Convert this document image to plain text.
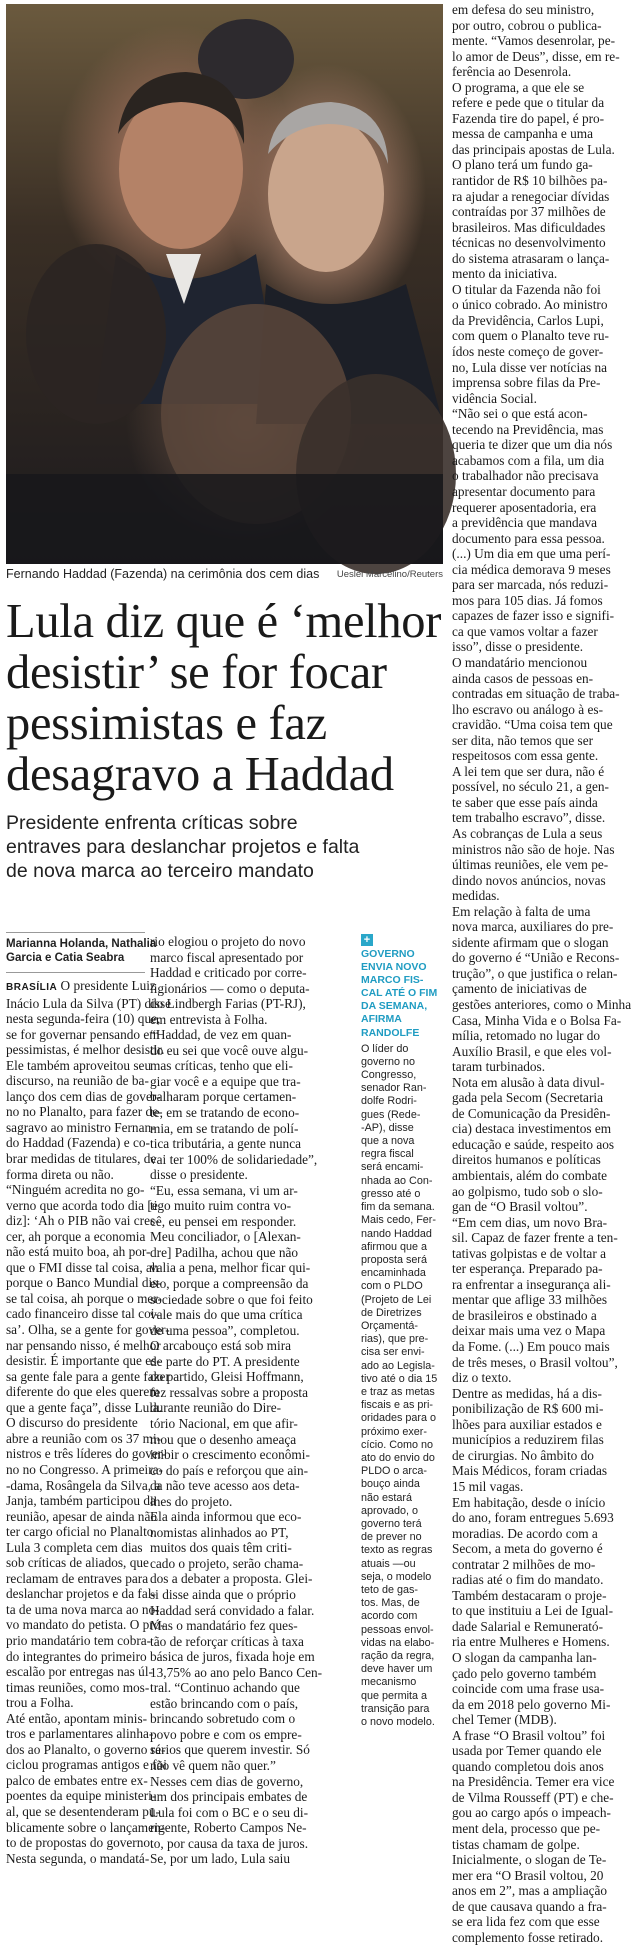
Fernando Haddad (Fazenda) na cerimônia dos cem dias Ueslei Marcelino/Reuters
Lula diz que é ‘melhor
desistir’ se for focar
pessimistas e faz
desagravo a Haddad
Presidente enfrenta críticas sobre
entraves para deslanchar projetos e falta
de nova marca ao terceiro mandato
Marianna Holanda, Nathalia
Garcia e Catia Seabra
BRASÍLIA O presidente Luiz
Inácio Lula da Silva (PT) disse
nesta segunda-feira (10) que,
se for governar pensando em
pessimistas, é melhor desistir.
Ele também aproveitou seu
discurso, na reunião de ba-
lanço dos cem dias de gover-
no no Planalto, para fazer de-
sagravo ao ministro Fernan-
do Haddad (Fazenda) e co-
brar medidas de titulares, de
forma direta ou não.
“Ninguém acredita no go-
verno que acorda todo dia [e
diz]: ‘Ah o PIB não vai cres-
cer, ah porque a economia
não está muito boa, ah por-
que o FMI disse tal coisa, ah
porque o Banco Mundial dis-
se tal coisa, ah porque o mer-
cado financeiro disse tal coi-
sa’. Olha, se a gente for gover-
nar pensando nisso, é melhor
desistir. É importante que es-
sa gente fale para a gente fazer
diferente do que eles querem
que a gente faça”, disse Lula.
O discurso do presidente
abre a reunião com os 37 mi-
nistros e três líderes do gover-
no no Congresso. A primeira-
-dama, Rosângela da Silva, a
Janja, também participou da
reunião, apesar de ainda não
ter cargo oficial no Planalto.
Lula 3 completa cem dias
sob críticas de aliados, que
reclamam de entraves para
deslanchar projetos e da fal-
ta de uma nova marca ao no-
vo mandato do petista. O pró-
prio mandatário tem cobra-
do integrantes do primeiro
escalão por entregas nas úl-
timas reuniões, como mos-
trou a Folha.
Até então, apontam minis-
tros e parlamentares alinha-
dos ao Planalto, o governo re-
ciclou programas antigos e foi
palco de embates entre ex-
poentes da equipe ministeri-
al, que se desentenderam pu-
blicamente sobre o lançamen-
to de propostas do governo.
Nesta segunda, o mandatá-
rio elogiou o projeto do novo
marco fiscal apresentado por
Haddad e criticado por corre-
ligionários — como o deputa-
do Lindbergh Farias (PT-RJ),
em entrevista à Folha.
“Haddad, de vez em quan-
do eu sei que você ouve algu-
mas críticas, tenho que eli-
giar você e a equipe que tra-
balharam porque certamen-
te, em se tratando de econo-
mia, em se tratando de polí-
tica tributária, a gente nunca
vai ter 100% de solidariedade”,
disse o presidente.
“Eu, essa semana, vi um ar-
tigo muito ruim contra vo-
cê, eu pensei em responder.
Meu conciliador, o [Alexan-
dre] Padilha, achou que não
valia a pena, melhor ficar qui-
eto, porque a compreensão da
sociedade sobre o que foi feito
vale mais do que uma crítica
de uma pessoa”, completou.
O arcabouço está sob mira
de parte do PT. A presidente
do partido, Gleisi Hoffmann,
fez ressalvas sobre a proposta
durante reunião do Dire-
tório Nacional, em que afir-
mou que o desenho ameaça
inibir o crescimento econômi-
co do país e reforçou que ain-
da não teve acesso aos deta-
lhes do projeto.
Ela ainda informou que eco-
nomistas alinhados ao PT,
muitos dos quais têm criti-
cado o projeto, serão chama-
dos a debater a proposta. Glei-
si disse ainda que o próprio
Haddad será convidado a falar.
Mas o mandatário fez ques-
tão de reforçar críticas à taxa
básica de juros, fixada hoje em
13,75% ao ano pelo Banco Cen-
tral. “Continuo achando que
estão brincando com o país,
brincando sobretudo com o
povo pobre e com os empre-
sários que querem investir. Só
não vê quem não quer.”
Nesses cem dias de governo,
um dos principais embates de
Lula foi com o BC e o seu di-
rigente, Roberto Campos Ne-
to, por causa da taxa de juros.
Se, por um lado, Lula saiu
+
GOVERNO
ENVIA NOVO
MARCO FIS-
CAL ATÉ O FIM
DA SEMANA,
AFIRMA
RANDOLFE
O líder do
governo no
Congresso,
senador Ran-
dolfe Rodri-
gues (Rede-
-AP), disse
que a nova
regra fiscal
será encami-
nhada ao Con-
gresso até o
fim da semana.
Mais cedo, Fer-
nando Haddad
afirmou que a
proposta será
encaminhada
com o PLDO
(Projeto de Lei
de Diretrizes
Orçamentá-
rias), que pre-
cisa ser envi-
ado ao Legisla-
tivo até o dia 15
e traz as metas
fiscais e as pri-
oridades para o
próximo exer-
cício. Como no
ato do envio do
PLDO o arca-
bouço ainda
não estará
aprovado, o
governo terá
de prever no
texto as regras
atuais —ou
seja, o modelo
teto de gas-
tos. Mas, de
acordo com
pessoas envol-
vidas na elabo-
ração da regra,
deve haver um
mecanismo
que permita a
transição para
o novo modelo.
em defesa do seu ministro,
por outro, cobrou o publica-
mente. “Vamos desenrolar, pe-
lo amor de Deus”, disse, em re-
ferência ao Desenrola.
O programa, a que ele se
refere e pede que o titular da
Fazenda tire do papel, é pro-
messa de campanha e uma
das principais apostas de Lula.
O plano terá um fundo ga-
rantidor de R$ 10 bilhões pa-
ra ajudar a renegociar dívidas
contraídas por 37 milhões de
brasileiros. Mas dificuldades
técnicas no desenvolvimento
do sistema atrasaram o lança-
mento da iniciativa.
O titular da Fazenda não foi
o único cobrado. Ao ministro
da Previdência, Carlos Lupi,
com quem o Planalto teve ru-
ídos neste começo de gover-
no, Lula disse ver notícias na
imprensa sobre filas da Pre-
vidência Social.
“Não sei o que está acon-
tecendo na Previdência, mas
queria te dizer que um dia nós
acabamos com a fila, um dia
o trabalhador não precisava
apresentar documento para
requerer aposentadoria, era
a previdência que mandava
documento para essa pessoa.
(...) Um dia em que uma perí-
cia médica demorava 9 meses
para ser marcada, nós reduzi-
mos para 105 dias. Já fomos
capazes de fazer isso e signifi-
ca que vamos voltar a fazer
isso”, disse o presidente.
O mandatário mencionou
ainda casos de pessoas en-
contradas em situação de traba-
lho escravo ou análogo à es-
cravidão. “Uma coisa tem que
ser dita, não temos que ser
respeitosos com essa gente.
A lei tem que ser dura, não é
possível, no século 21, a gen-
te saber que esse país ainda
tem trabalho escravo”, disse.
As cobranças de Lula a seus
ministros não são de hoje. Nas
últimas reuniões, ele vem pe-
dindo novos anúncios, novas
medidas.
Em relação à falta de uma
nova marca, auxiliares do pre-
sidente afirmam que o slogan
do governo é “União e Recons-
trução”, o que justifica o relan-
çamento de iniciativas de
gestões anteriores, como o Minha
Casa, Minha Vida e o Bolsa Fa-
mília, retomado no lugar do
Auxílio Brasil, e que eles vol-
taram turbinados.
Nota em alusão à data divul-
gada pela Secom (Secretaria
de Comunicação da Presidên-
cia) destaca investimentos em
educação e saúde, respeito aos
direitos humanos e políticas
ambientais, além do combate
ao golpismo, tudo sob o slo-
gan de “O Brasil voltou”.
“Em cem dias, um novo Bra-
sil. Capaz de fazer frente a ten-
tativas golpistas e de voltar a
ter esperança. Preparado pa-
ra enfrentar a insegurança ali-
mentar que aflige 33 milhões
de brasileiros e obstinado a
deixar mais uma vez o Mapa
da Fome. (...) Em pouco mais
de três meses, o Brasil voltou”,
diz o texto.
Dentre as medidas, há a dis-
ponibilização de R$ 600 mi-
lhões para auxiliar estados e
municípios a reduzirem filas
de cirurgias. No âmbito do
Mais Médicos, foram criadas
15 mil vagas.
Em habitação, desde o início
do ano, foram entregues 5.693
moradias. De acordo com a
Secom, a meta do governo é
contratar 2 milhões de mo-
radias até o fim do mandato.
Também destacaram o proje-
to que instituiu a Lei de Igual-
dade Salarial e Remunerató-
ria entre Mulheres e Homens.
O slogan da campanha lan-
çado pelo governo também
coincide com uma frase usa-
da em 2018 pelo governo Mi-
chel Temer (MDB).
A frase “O Brasil voltou” foi
usada por Temer quando ele
quando completou dois anos
na Presidência. Temer era vice
de Vilma Rousseff (PT) e che-
gou ao cargo após o impeach-
ment dela, processo que pe-
tistas chamam de golpe.
Inicialmente, o slogan de Te-
mer era “O Brasil voltou, 20
anos em 2”, mas a ampliação
de que causava quando a fra-
se era lida fez com que esse
complemento fosse retirado.
